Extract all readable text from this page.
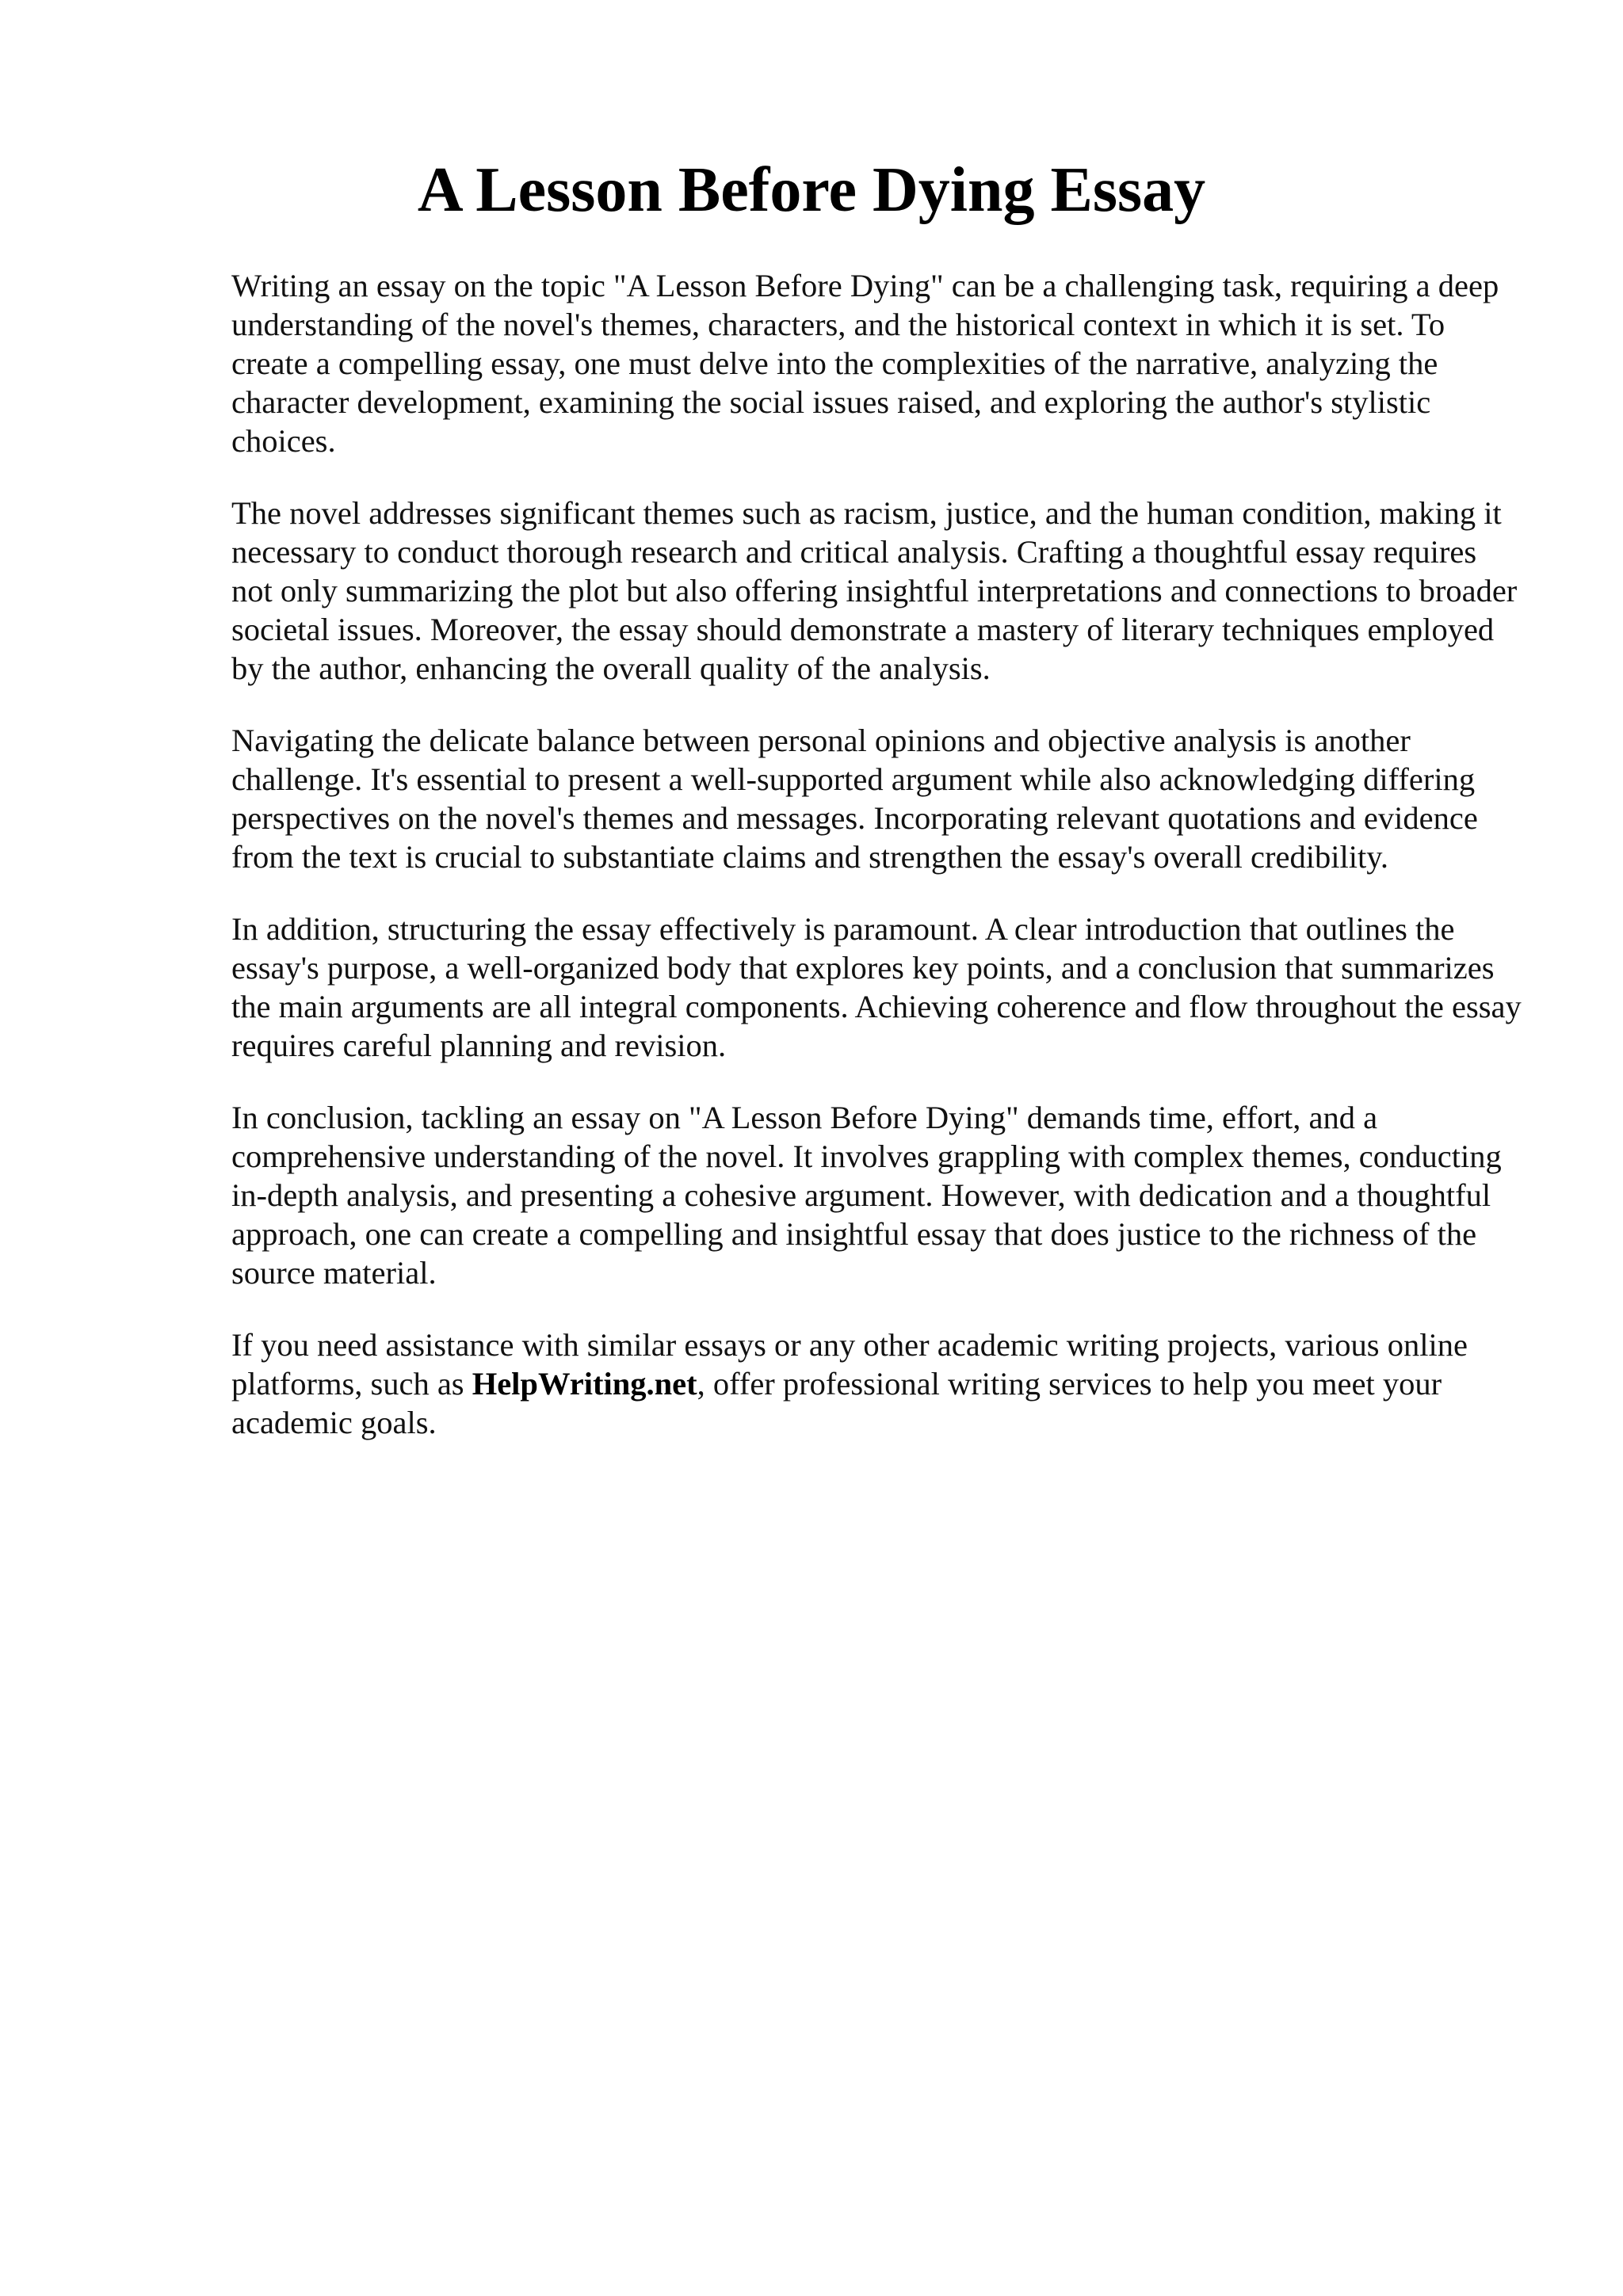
A Lesson Before Dying Essay

Writing an essay on the topic "A Lesson Before Dying" can be a challenging task, requiring a deep understanding of the novel's themes, characters, and the historical context in which it is set. To create a compelling essay, one must delve into the complexities of the narrative, analyzing the character development, examining the social issues raised, and exploring the author's stylistic choices.

The novel addresses significant themes such as racism, justice, and the human condition, making it necessary to conduct thorough research and critical analysis. Crafting a thoughtful essay requires not only summarizing the plot but also offering insightful interpretations and connections to broader societal issues. Moreover, the essay should demonstrate a mastery of literary techniques employed by the author, enhancing the overall quality of the analysis.

Navigating the delicate balance between personal opinions and objective analysis is another challenge. It's essential to present a well-supported argument while also acknowledging differing perspectives on the novel's themes and messages. Incorporating relevant quotations and evidence from the text is crucial to substantiate claims and strengthen the essay's overall credibility.

In addition, structuring the essay effectively is paramount. A clear introduction that outlines the essay's purpose, a well-organized body that explores key points, and a conclusion that summarizes the main arguments are all integral components. Achieving coherence and flow throughout the essay requires careful planning and revision.

In conclusion, tackling an essay on "A Lesson Before Dying" demands time, effort, and a comprehensive understanding of the novel. It involves grappling with complex themes, conducting in-depth analysis, and presenting a cohesive argument. However, with dedication and a thoughtful approach, one can create a compelling and insightful essay that does justice to the richness of the source material.

If you need assistance with similar essays or any other academic writing projects, various online platforms, such as HelpWriting.net, offer professional writing services to help you meet your academic goals.
